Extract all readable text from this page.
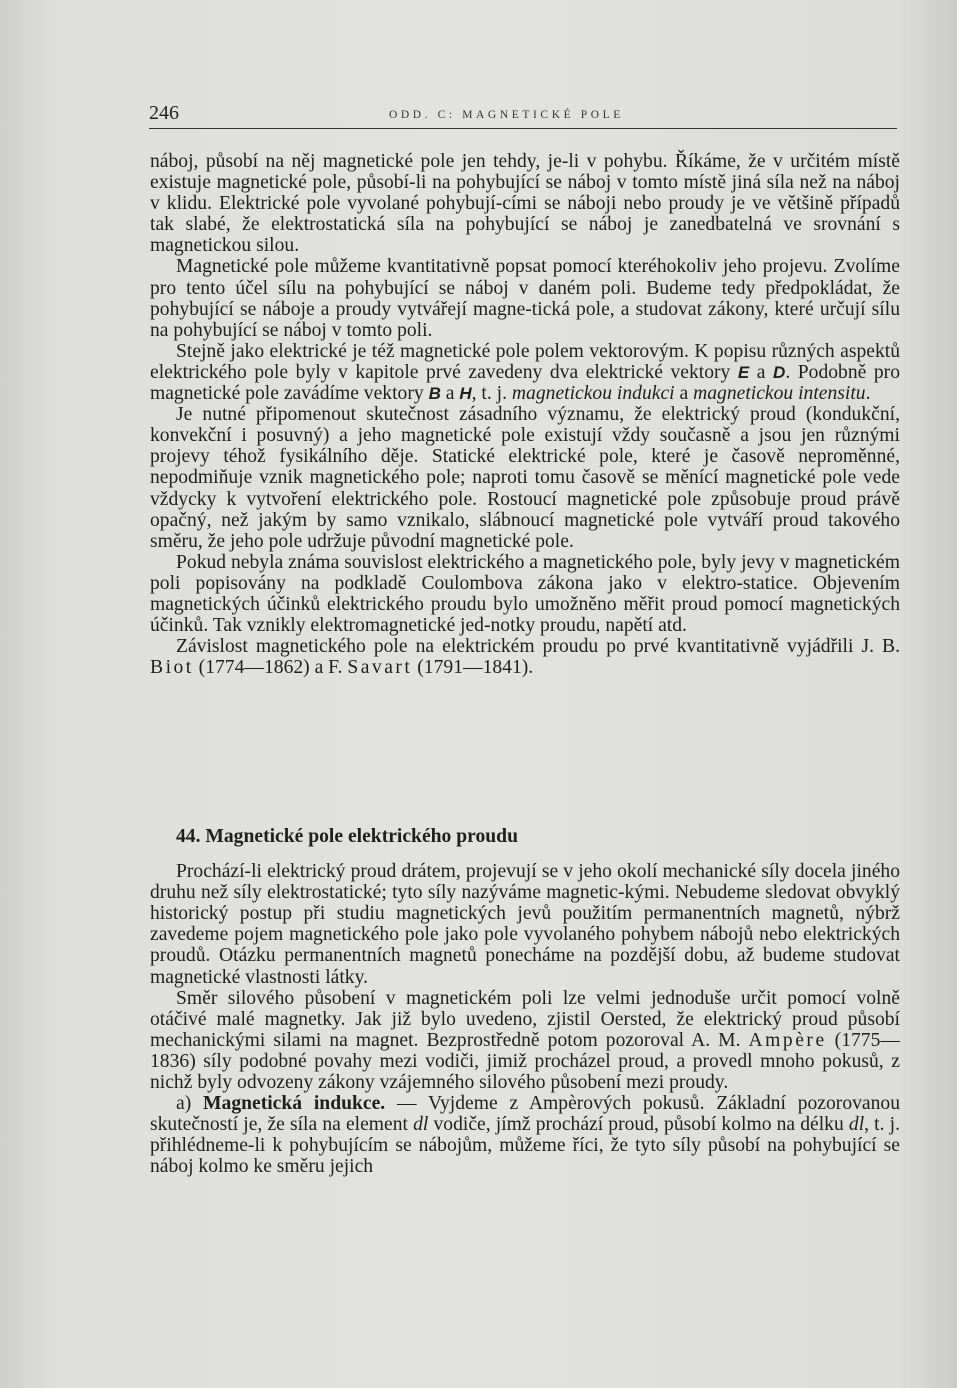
246	ODD. C: MAGNETICKÉ POLE

náboj, působí na něj magnetické pole jen tehdy, je-li v pohybu. Říkáme, že v určitém místě existuje magnetické pole, působí-li na pohybující se náboj v tomto místě jiná síla než na náboj v klidu. Elektrické pole vyvolané pohybují-cími se náboji nebo proudy je ve většině případů tak slabé, že elektrostatická síla na pohybující se náboj je zanedbatelná ve srovnání s magnetickou silou.

Magnetické pole můžeme kvantitativně popsat pomocí kteréhokoliv jeho projevu. Zvolíme pro tento účel sílu na pohybující se náboj v daném poli. Budeme tedy předpokládat, že pohybující se náboje a proudy vytvářejí magne-tická pole, a studovat zákony, které určují sílu na pohybující se náboj v tomto poli.

Stejně jako elektrické je též magnetické pole polem vektorovým. K popisu různých aspektů elektrického pole byly v kapitole prvé zavedeny dva elektrické vektory E a D. Podobně pro magnetické pole zavádíme vektory B a H, t. j. magnetickou indukci a magnetickou intensitu.

Je nutné připomenout skutečnost zásadního významu, že elektrický proud (kondukční, konvekční i posuvný) a jeho magnetické pole existují vždy současně a jsou jen různými projevy téhož fysikálního děje. Statické elektrické pole, které je časově neproměnné, nepodmiňuje vznik magnetického pole; naproti tomu časově se měnící magnetické pole vede vždycky k vytvoření elektrického pole. Rostoucí magnetické pole způsobuje proud právě opačný, než jakým by samo vznikalo, slábnoucí magnetické pole vytváří proud takového směru, že jeho pole udržuje původní magnetické pole.

Pokud nebyla známa souvislost elektrického a magnetického pole, byly jevy v magnetickém poli popisovány na podkladě Coulombova zákona jako v elektro-statice. Objevením magnetických účinků elektrického proudu bylo umožněno měřit proud pomocí magnetických účinků. Tak vznikly elektromagnetické jed-notky proudu, napětí atd.

Závislost magnetického pole na elektrickém proudu po prvé kvantitativně vyjádřili J. B. Biot (1774—1862) a F. Savart (1791—1841).

44. Magnetické pole elektrického proudu

Prochází-li elektrický proud drátem, projevují se v jeho okolí mechanické síly docela jiného druhu než síly elektrostatické; tyto síly nazýváme magnetic-kými. Nebudeme sledovat obvyklý historický postup při studiu magnetických jevů použitím permanentních magnetů, nýbrž zavedeme pojem magnetického pole jako pole vyvolaného pohybem nábojů nebo elektrických proudů. Otázku permanentních magnetů ponecháme na pozdější dobu, až budeme studovat magnetické vlastnosti látky.

Směr silového působení v magnetickém poli lze velmi jednoduše určit pomocí volně otáčivé malé magnetky. Jak již bylo uvedeno, zjistil Oersted, že elektrický proud působí mechanickými silami na magnet. Bezprostředně potom pozoroval A. M. Ampère (1775—1836) síly podobné povahy mezi vodiči, jimiž procházel proud, a provedl mnoho pokusů, z nichž byly odvozeny zákony vzájemného silového působení mezi proudy.

a) Magnetická indukce. — Vyjdeme z Ampèrových pokusů. Základní pozorovanou skutečností je, že síla na element dl vodiče, jímž prochází proud, působí kolmo na délku dl, t. j. přihlédneme-li k pohybujícím se nábojům, můžeme říci, že tyto síly působí na pohybující se náboj kolmo ke směru jejich
